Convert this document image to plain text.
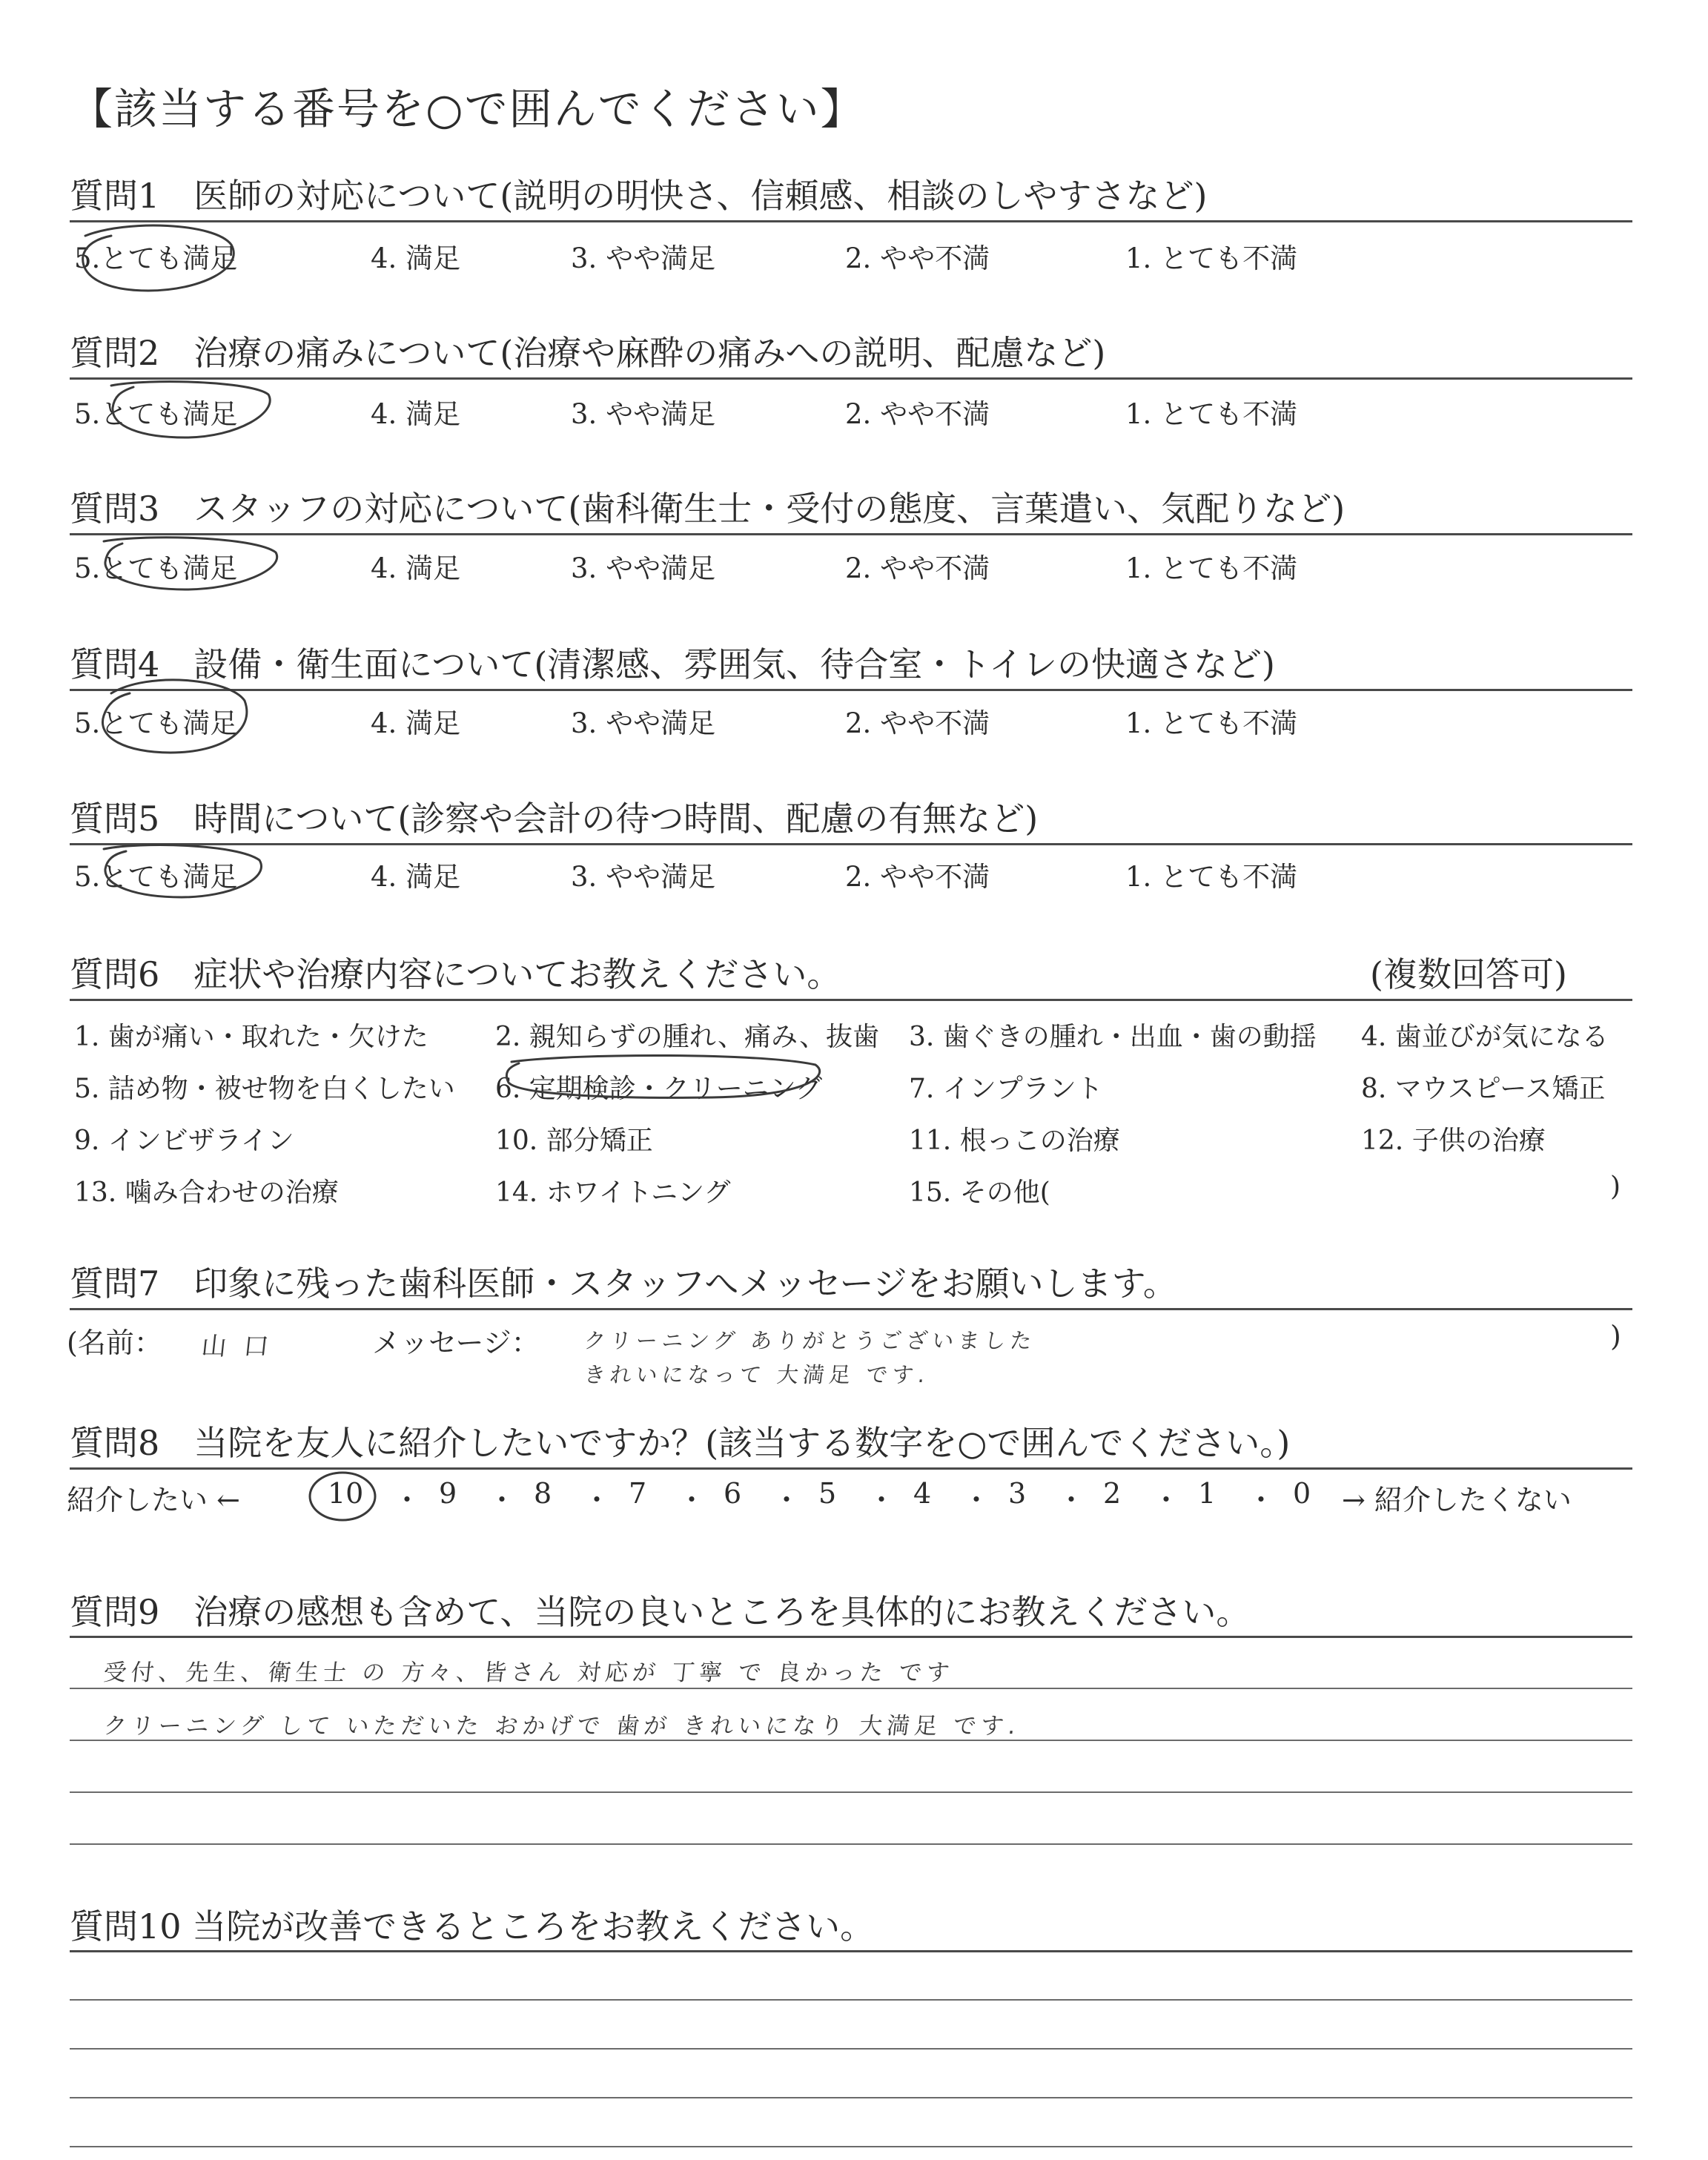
【該当する番号を○で囲んでください】
質問1　医師の対応について(説明の明快さ、信頼感、相談のしやすさなど)
5.とても満足	4. 満足	3. やや満足	2. やや不満	1. とても不満
質問2　治療の痛みについて(治療や麻酔の痛みへの説明、配慮など)
5.とても満足	4. 満足	3. やや満足	2. やや不満	1. とても不満
質問3　スタッフの対応について(歯科衛生士・受付の態度、言葉遣い、気配りなど)
5.とても満足	4. 満足	3. やや満足	2. やや不満	1. とても不満
質問4　設備・衛生面について(清潔感、雰囲気、待合室・トイレの快適さなど)
5.とても満足	4. 満足	3. やや満足	2. やや不満	1. とても不満
質問5　時間について(診察や会計の待つ時間、配慮の有無など)
5.とても満足	4. 満足	3. やや満足	2. やや不満	1. とても不満
質問6　症状や治療内容についてお教えください。	(複数回答可)
1. 歯が痛い・取れた・欠けた	2. 親知らずの腫れ、痛み、抜歯 3. 歯ぐきの腫れ・出血・歯の動揺 4. 歯並びが気になる
5. 詰め物・被せ物を白くしたい 6. 定期検診・クリーニング	7. インプラント	8. マウスピース矯正
9. インビザライン	10. 部分矯正	11. 根っこの治療	12. 子供の治療
13. 噛み合わせの治療	14. ホワイトニング	15. その他(	)
質問7　印象に残った歯科医師・スタッフへメッセージをお願いします。
(名前： 山 口	メッセージ： クリーニング ありがとうございました
きれいになって 大満足 です.
)
質問8　当院を友人に紹介したいですか？(該当する数字を○で囲んでください。)
紹介したい ←	→ 紹介したくない
10 ・ 9 ・ 8 ・ 7 ・ 6 ・ 5 ・ 4 ・ 3 ・ 2 ・ 1 ・ 0
質問9　治療の感想も含めて、当院の良いところを具体的にお教えください。
受付、先生、衛生士 の 方々、皆さん 対応が 丁寧 で 良かった です
クリーニング して いただいた おかげで 歯が きれいになり 大満足 です.
質問10 当院が改善できるところをお教えください。
